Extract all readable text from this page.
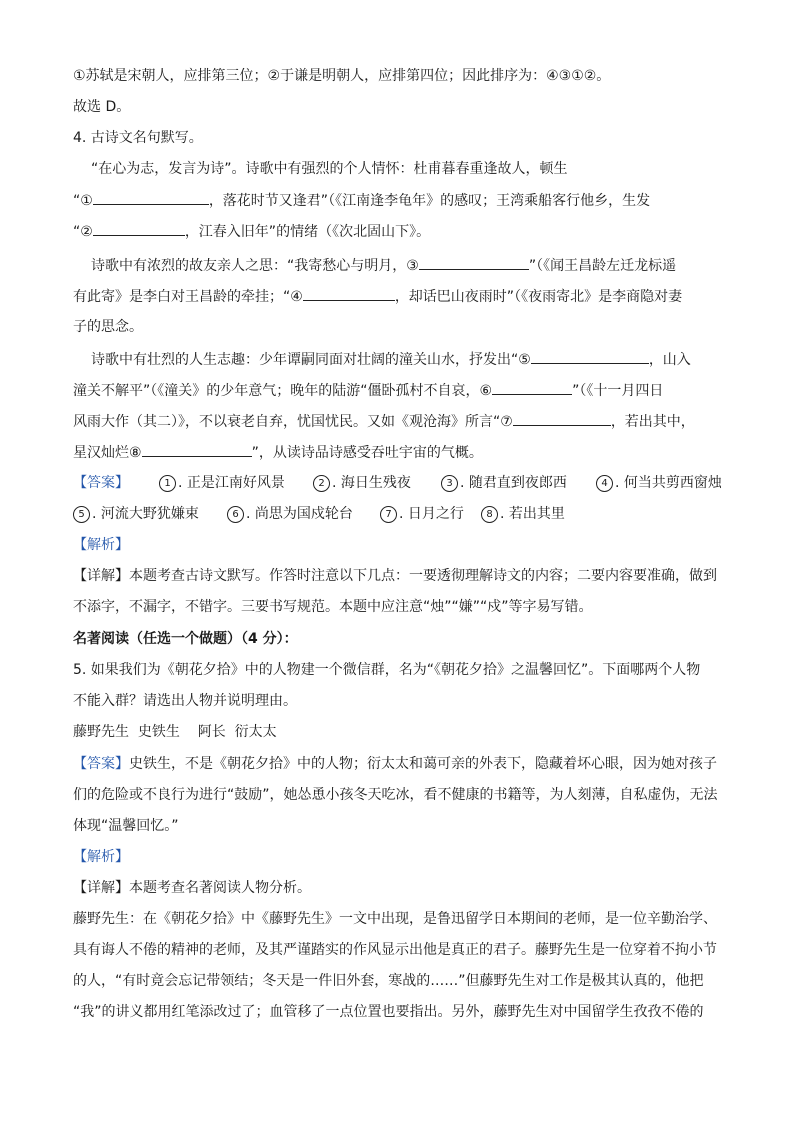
①苏轼是宋朝人，应排第三位；②于谦是明朝人，应排第四位；因此排序为：④③①②。
故选 D。
4. 古诗文名句默写。
“在心为志，发言为诗”。诗歌中有强烈的个人情怀：杜甫暮春重逢故人，顿生
“①	，落花时节又逢君”（《江南逢李龟年》的感叹；王湾乘船客行他乡，生发
“②	，江春入旧年”的情绪（《次北固山下》。
诗歌中有浓烈的故友亲人之思：“我寄愁心与明月，③	”（《闻王昌龄左迁龙标遥
有此寄》是李白对王昌龄的牵挂；“④	，却话巴山夜雨时”（《夜雨寄北》是李商隐对妻
子的思念。
诗歌中有壮烈的人生志趣：少年谭嗣同面对壮阔的潼关山水，抒发出“⑤	，山入
潼关不解平”（《潼关》的少年意气；晚年的陆游“僵卧孤村不自哀，⑥	”（《十一月四日
风雨大作（其二）》，不以衰老自弃，忧国忧民。又如《观沧海》所言“⑦	，若出其中，
星汉灿烂⑧	”，从读诗品诗感受吞吐宇宙的气概。
【答案】	1 . 正是江南好风景	2 . 海日生残夜	3 . 随君直到夜郎西	4 . 何当共剪西窗烛
5 . 河流大野犹嫌束	6 . 尚思为国戍轮台	7 . 日月之行	8 . 若出其里
【解析】
【详解】本题考查古诗文默写。作答时注意以下几点：一要透彻理解诗文的内容；二要内容要准确，做到
不添字，不漏字，不错字。三要书写规范。本题中应注意“烛”“嫌”“戍”等字易写错。
名著阅读（任选一个做题）（4 分）：
5. 如果我们为《朝花夕拾》中的人物建一个微信群，名为“《朝花夕拾》之温馨回忆”。下面哪两个人物
不能入群？请选出人物并说明理由。
藤野先生  史铁生    阿长  衍太太
【答案】史铁生，不是《朝花夕拾》中的人物；衍太太和蔼可亲的外表下，隐藏着坏心眼，因为她对孩子
们的危险或不良行为进行“鼓励”，她怂恿小孩冬天吃冰，看不健康的书籍等，为人刻薄，自私虚伪，无法
体现“温馨回忆。”
【解析】
【详解】本题考查名著阅读人物分析。
藤野先生：在《朝花夕拾》中《藤野先生》一文中出现，是鲁迅留学日本期间的老师，是一位辛勤治学、
具有诲人不倦的精神的老师，及其严谨踏实的作风显示出他是真正的君子。藤野先生是一位穿着不拘小节
的人，“有时竟会忘记带领结；冬天是一件旧外套，寒战的……”但藤野先生对工作是极其认真的，他把
“我”的讲义都用红笔添改过了；血管移了一点位置也要指出。另外，藤野先生对中国留学生孜孜不倦的
